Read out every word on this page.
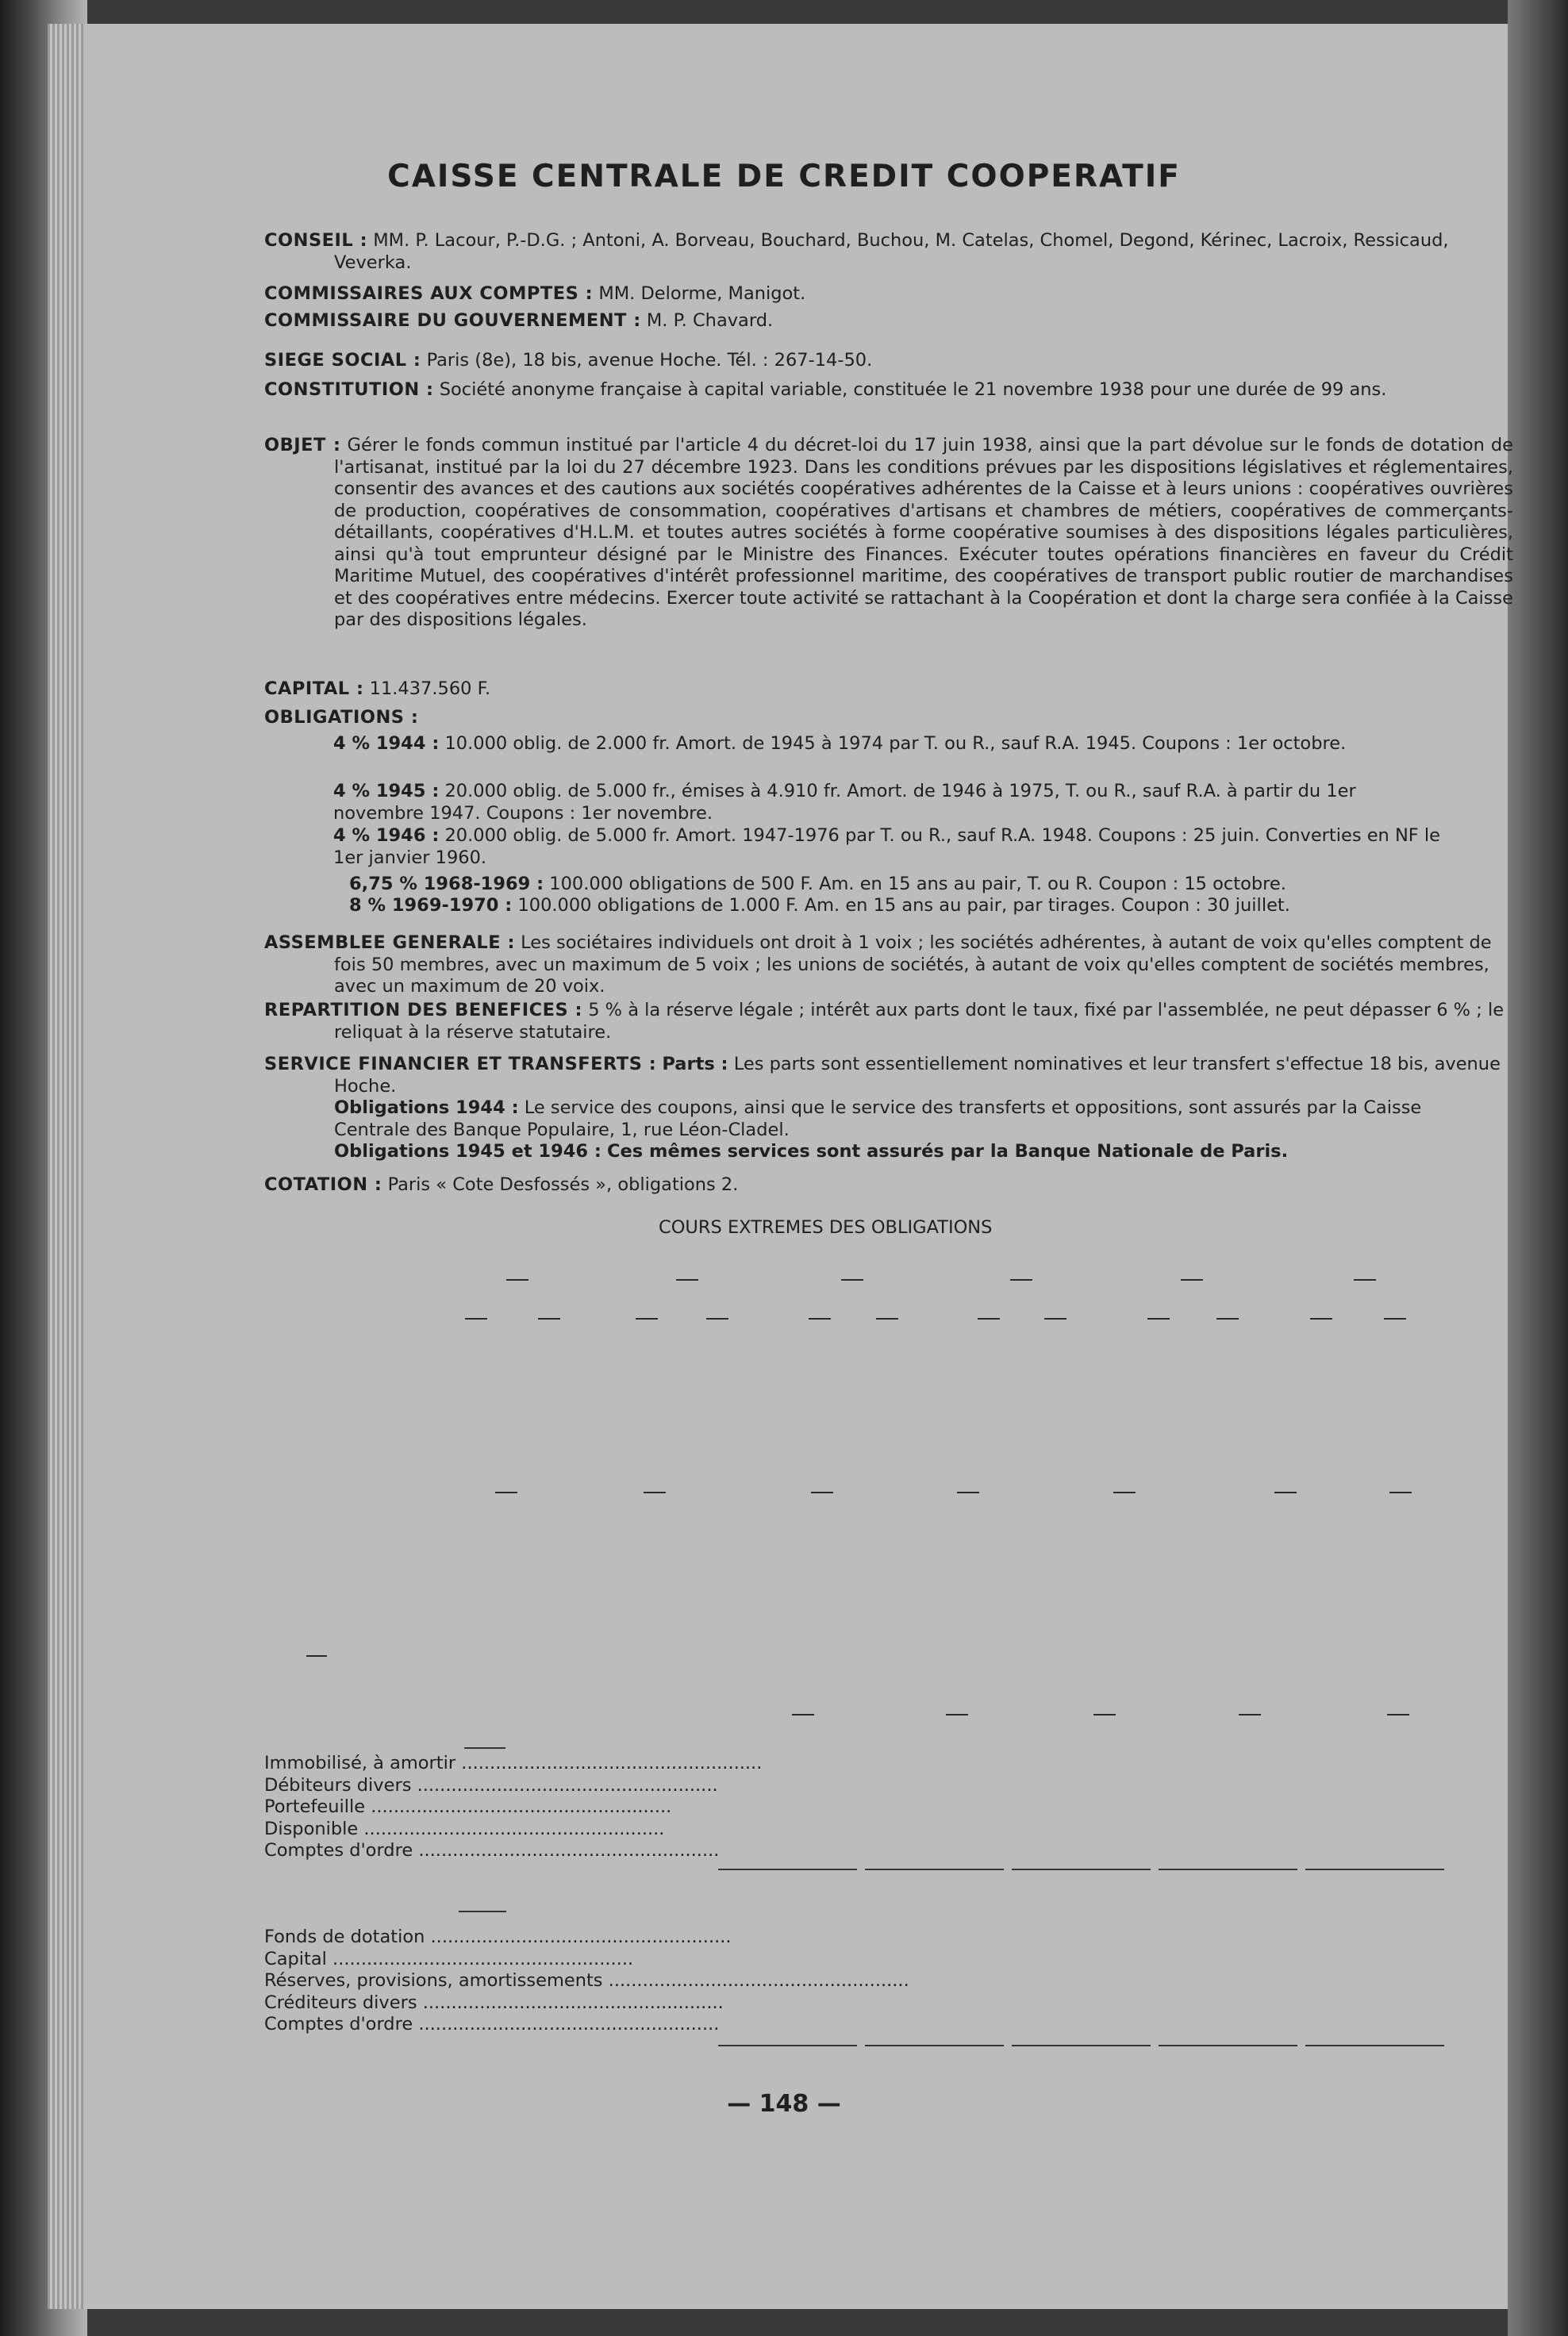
CAISSE CENTRALE DE CREDIT COOPERATIF

CONSEIL : MM. P. Lacour, P.-D.G. ; Antoni, A. Borveau, Bouchard, Buchou, M. Catelas, Chomel, Degond, Kérinec, Lacroix, Ressicaud, Veverka.

COMMISSAIRES AUX COMPTES : MM. Delorme, Manigot.

COMMISSAIRE DU GOUVERNEMENT : M. P. Chavard.

SIEGE SOCIAL : Paris (8e), 18 bis, avenue Hoche. Tél. : 267-14-50.

CONSTITUTION : Société anonyme française à capital variable, constituée le 21 novembre 1938 pour une durée de 99 ans.

OBJET : Gérer le fonds commun institué par l'article 4 du décret-loi du 17 juin 1938, ainsi que la part dévolue sur le fonds de dotation de l'artisanat, institué par la loi du 27 décembre 1923. Dans les conditions prévues par les dispositions législatives et réglementaires, consentir des avances et des cautions aux sociétés coopératives adhérentes de la Caisse et à leurs unions : coopératives ouvrières de production, coopératives de consommation, coopératives d'artisans et chambres de métiers, coopératives de commerçants-détaillants, coopératives d'H.L.M. et toutes autres sociétés à forme coopérative soumises à des dispositions légales particulières, ainsi qu'à tout emprunteur désigné par le Ministre des Finances. Exécuter toutes opérations financières en faveur du Crédit Maritime Mutuel, des coopératives d'intérêt professionnel maritime, des coopératives de transport public routier de marchandises et des coopératives entre médecins. Exercer toute activité se rattachant à la Coopération et dont la charge sera confiée à la Caisse par des dispositions légales.

CAPITAL : 11.437.560 F.

OBLIGATIONS :

4 % 1944 : 10.000 oblig. de 2.000 fr. Amort. de 1945 à 1974 par T. ou R., sauf R.A. 1945. Coupons : 1er octobre.
4 % 1945 : 20.000 oblig. de 5.000 fr., émises à 4.910 fr. Amort. de 1946 à 1975, T. ou R., sauf R.A. à partir du 1er novembre 1947. Coupons : 1er novembre.
4 % 1946 : 20.000 oblig. de 5.000 fr. Amort. 1947-1976 par T. ou R., sauf R.A. 1948. Coupons : 25 juin. Converties en NF le 1er janvier 1960.
6,75 % 1968-1969 : 100.000 obligations de 500 F. Am. en 15 ans au pair, T. ou R. Coupon : 15 octobre.
8 % 1969-1970 : 100.000 obligations de 1.000 F. Am. en 15 ans au pair, par tirages. Coupon : 30 juillet.

ASSEMBLEE GENERALE : Les sociétaires individuels ont droit à 1 voix ; les sociétés adhérentes, à autant de voix qu'elles comptent de fois 50 membres, avec un maximum de 5 voix ; les unions de sociétés, à autant de voix qu'elles comptent de sociétés membres, avec un maximum de 20 voix.

REPARTITION DES BENEFICES : 5 % à la réserve légale ; intérêt aux parts dont le taux, fixé par l'assemblée, ne peut dépasser 6 % ; le reliquat à la réserve statutaire.

SERVICE FINANCIER ET TRANSFERTS : Parts : Les parts sont essentiellement nominatives et leur transfert s'effectue 18 bis, avenue Hoche.

Obligations 1944 : Le service des coupons, ainsi que le service des transferts et oppositions, sont assurés par la Caisse Centrale des Banque Populaire, 1, rue Léon-Cladel.
Obligations 1945 et 1946 : Ces mêmes services sont assurés par la Banque Nationale de Paris.

COTATION : Paris « Cote Desfossés », obligations 2.

COURS EXTREMES DES OBLIGATIONS
Immobilisé, à amortir .....................................................
Débiteurs divers .....................................................
Portefeuille .....................................................
Disponible .....................................................
Comptes d'ordre .....................................................
Fonds de dotation .....................................................
Capital .....................................................
Réserves, provisions, amortissements .....................................................
Créditeurs divers .....................................................
Comptes d'ordre .....................................................
— 148 —
